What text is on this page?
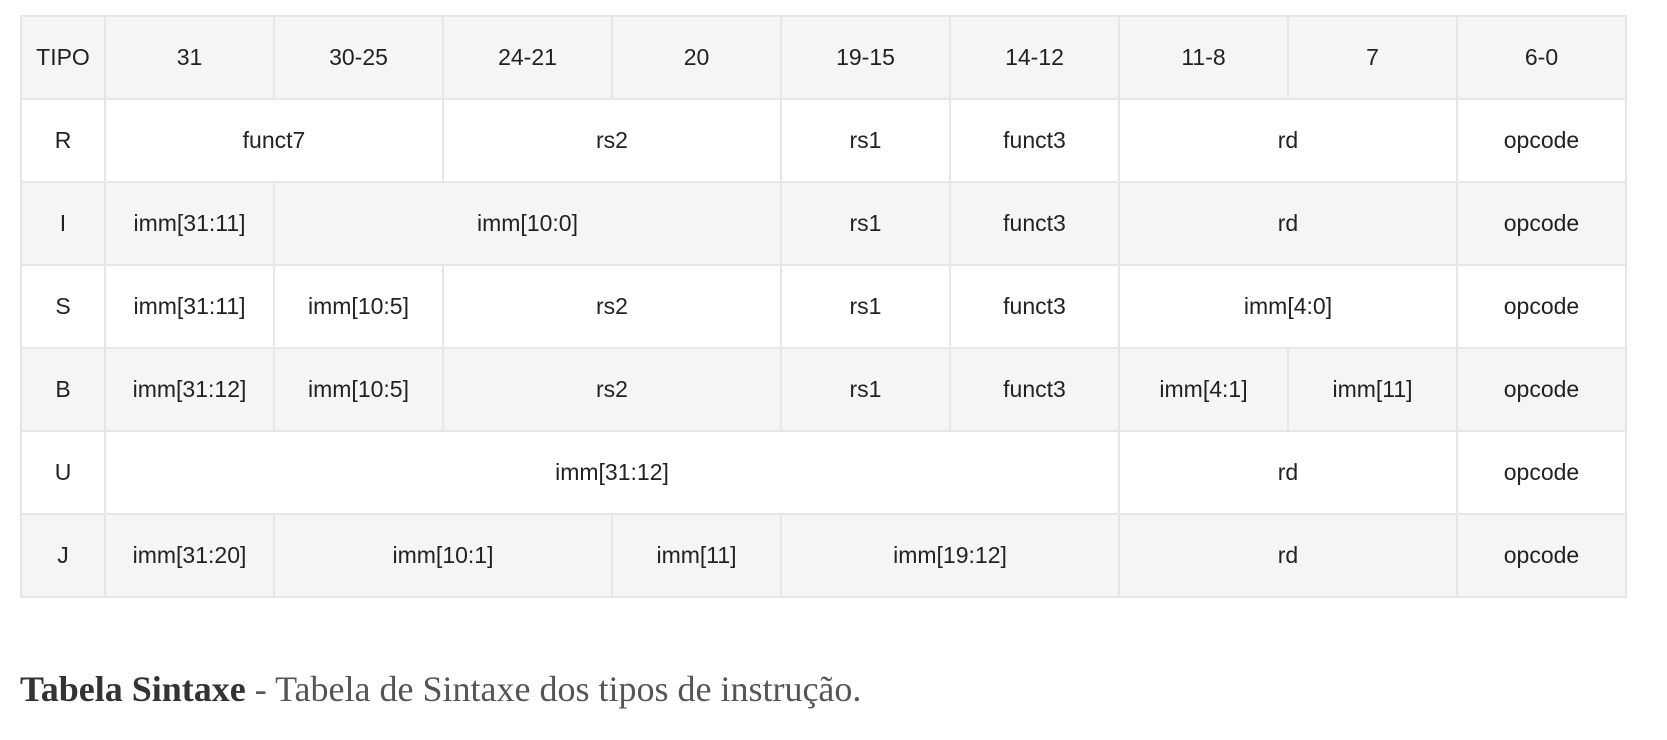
TIPO	31	30-25	24-21	20	19-15	14-12	11-8	7	6-0
R	funct7		rs2		rs1	funct3	rd		opcode
I	imm[31:11]	imm[10:0]			rs1	funct3	rd		opcode
S	imm[31:11]	imm[10:5]	rs2		rs1	funct3	imm[4:0]		opcode
B	imm[31:12]	imm[10:5]	rs2		rs1	funct3	imm[4:1]	imm[11]	opcode
U	imm[31:12]						rd		opcode
J	imm[31:20]	imm[10:1]		imm[11]	imm[19:12]		rd		opcode
Tabela Sintaxe - Tabela de Sintaxe dos tipos de instrução.
